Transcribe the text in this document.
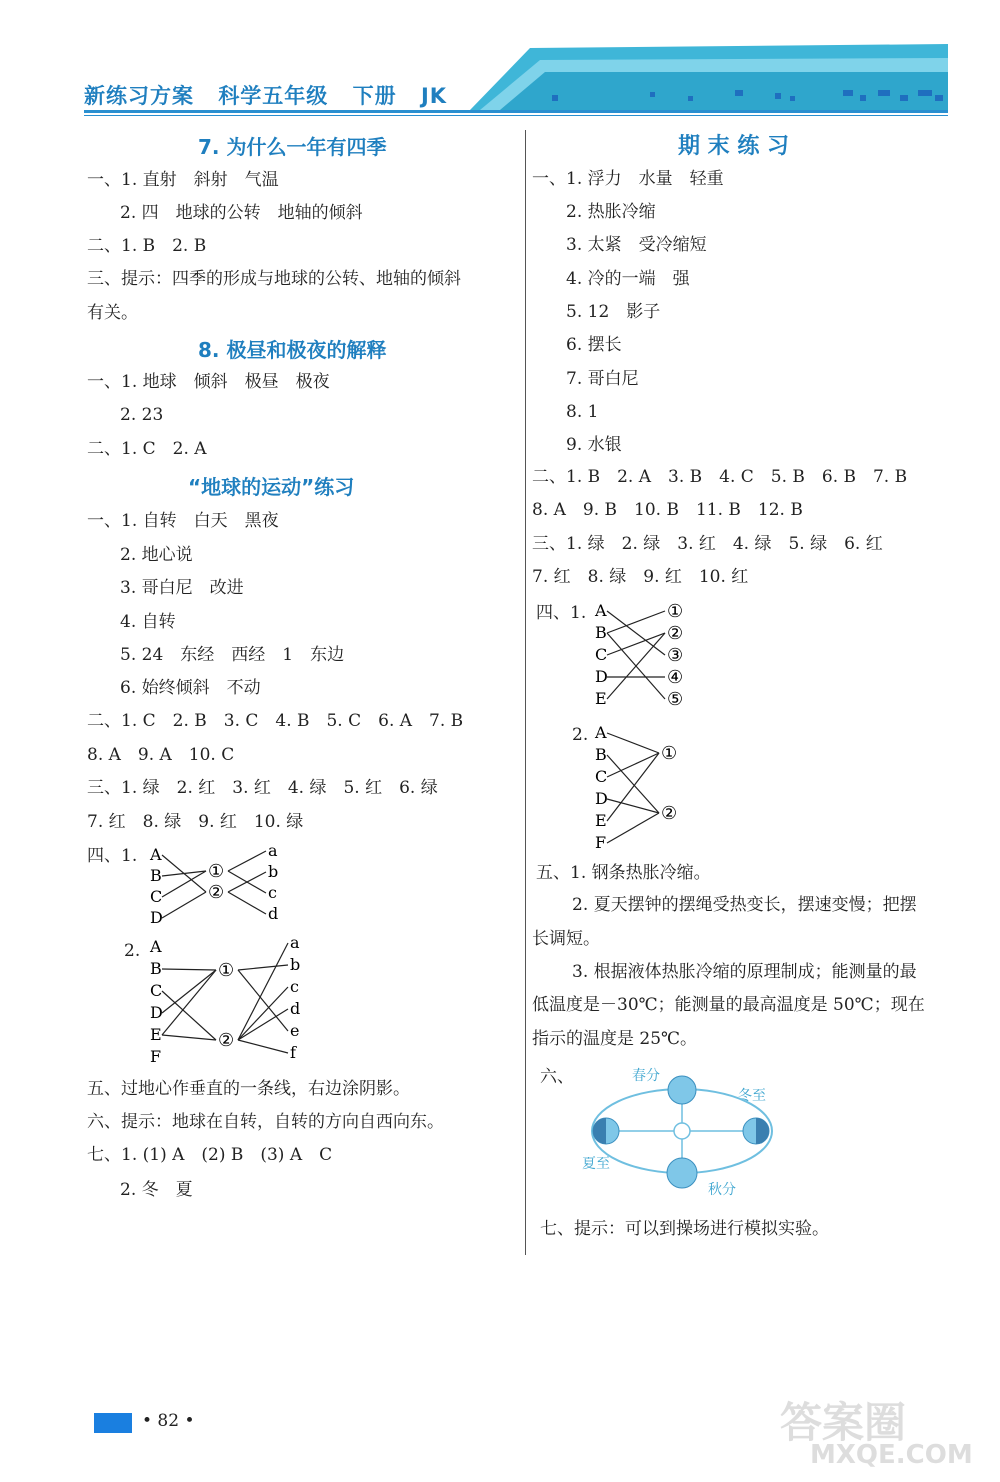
新练习方案 科学五年级 下册 JK
7. 为什么一年有四季
一、1. 直射　斜射　气温
2. 四　地球的公转　地轴的倾斜
二、1. B　2. B
三、提示：四季的形成与地球的公转、地轴的倾斜
有关。
8. 极昼和极夜的解释
一、1. 地球　倾斜　极昼　极夜
2. 23
二、1. C　2. A
“地球的运动”练习
一、1. 自转　白天　黑夜
2. 地心说
3. 哥白尼　改进
4. 自转
5. 24　东经　西经　1　东边
6. 始终倾斜　不动
二、1. C　2. B　3. C　4. B　5. C　6. A　7. B
8. A　9. A　10. C
三、1. 绿　2. 红　3. 红　4. 绿　5. 红　6. 绿
7. 红　8. 绿　9. 红　10. 绿
四、1. A
B
C
D
①
②
a
b
c
d
2. A
B
C
D
E
F
①
②
a
b
c
d
e
f
五、过地心作垂直的一条线，右边涂阴影。
六、提示：地球在自转，自转的方向自西向东。
七、1. (1) A　(2) B　(3) A　C
2. 冬　夏
期 末 练 习
一、1. 浮力　水量　轻重
2. 热胀冷缩
3. 太紧　受冷缩短
4. 冷的一端　强
5. 12　影子
6. 摆长
7. 哥白尼
8. 1
9. 水银
二、1. B　2. A　3. B　4. C　5. B　6. B　7. B
8. A　9. B　10. B　11. B　12. B
三、1. 绿　2. 绿　3. 红　4. 绿　5. 绿　6. 红
7. 红　8. 绿　9. 红　10. 红
四、1. A
B
C
D
E
①
②
③
④
⑤
2. A
B
C
D
E
F
①
②
五、1. 钢条热胀冷缩。
2. 夏天摆钟的摆绳受热变长，摆速变慢；把摆
长调短。
3. 根据液体热胀冷缩的原理制成；能测量的最
低温度是－30℃；能测量的最高温度是 50℃；现在
指示的温度是 25℃。
六、	春分
冬至
夏至
秋分
七、提示：可以到操场进行模拟实验。
• 82 •	答案圈
MXQE.COM
